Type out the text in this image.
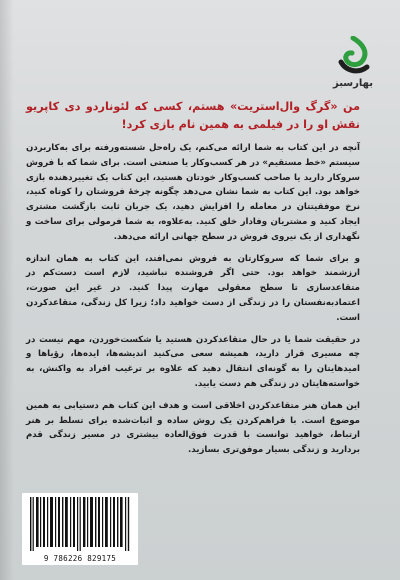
بهارسبز

من «گرگ وال‌استریت» هستم، کسی که لئوناردو دی کاپریو نقش او را در فیلمی به همین نام بازی کرد!

آنچه در این کتاب به شما ارائه می‌کنم، یک راه‌حل شسته‌ورفته برای به‌کاربردن سیستم «خط مستقیم» در هر کسب‌وکار یا صنعتی است. برای شما که با فروش سروکار دارید یا صاحب کسب‌وکار خودتان هستید، این کتاب یک تغییردهنده بازی خواهد بود. این کتاب به شما نشان می‌دهد چگونه چرخهٔ فروشتان را کوتاه کنید، نرخ موفقیتتان در معامله را افزایش دهید، یک جریان ثابت بازگشت مشتری ایجاد کنید و مشتریان وفادار خلق کنید. به‌علاوه، به شما فرمولی برای ساخت و نگهداری از یک نیروی فروش در سطح جهانی ارائه می‌دهد.

و برای شما که سروکارتان به فروش نمی‌افتد، این کتاب به همان اندازه ارزشمند خواهد بود. حتی اگر فروشنده نباشید، لازم است دست‌کم در متقاعدسازی تا سطح معقولی مهارت پیدا کنید. در غیر این صورت، اعتمادبه‌نفستان را در زندگی از دست خواهید داد؛ زیرا کل زندگی، متقاعدکردن است.

در حقیقت شما یا در حال متقاعدکردن هستید یا شکست‌خوردن، مهم نیست در چه مسیری قرار دارید، همیشه سعی می‌کنید اندیشه‌ها، ایده‌ها، رؤیاها و امیدهایتان را به گونه‌ای انتقال دهید که علاوه بر ترغیب افراد به واکنش، به خواسته‌هایتان در زندگی هم دست یابید.

این همان هنر متقاعدکردن اخلاقی است و هدف این کتاب هم دستیابی به همین موضوع است. با فراهم‌کردن یک روش ساده و اثبات‌شده برای تسلط بر هنر ارتباط، خواهید توانست با قدرت فوق‌العاده بیشتری در مسیر زندگی قدم بردارید و زندگی بسیار موفق‌تری بسازید.

9 786226 829175
